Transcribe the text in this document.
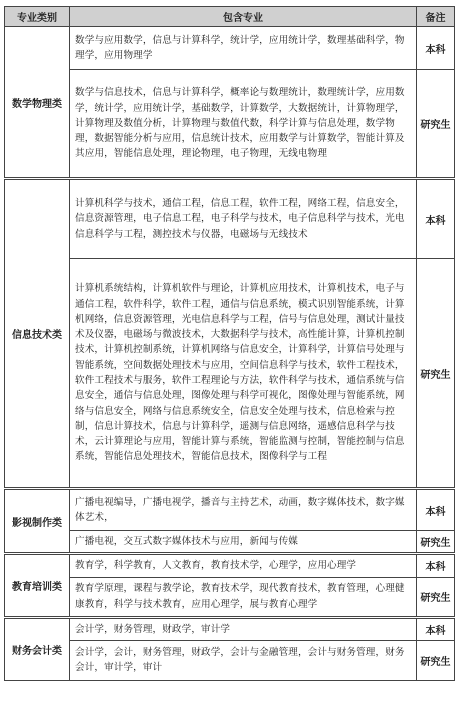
专业类别	包含专业	备注
数学物理类	数学与应用数学，信息与计算科学，统计学，应用统计学，数理基础科学，物理学，应用物理学	本科
	数学与信息技术，信息与计算科学，概率论与数理统计，数理统计学，应用数学，统计学，应用统计学，基础数学，计算数学，大数据统计，计算物理学，计算物理及数值分析，计算物理与数值代数，科学计算与信息处理，数学物理，数据智能分析与应用，信息统计技术，应用数学与计算数学，智能计算及其应用，智能信息处理，理论物理，电子物理，无线电物理	研究生
信息技术类	计算机科学与技术，通信工程，信息工程，软件工程，网络工程，信息安全，信息资源管理，电子信息工程，电子科学与技术，电子信息科学与技术，光电信息科学与工程，测控技术与仪器，电磁场与无线技术	本科
	计算机系统结构，计算机软件与理论，计算机应用技术，计算机技术，电子与通信工程，软件科学，软件工程，通信与信息系统，模式识别智能系统，计算机网络，信息资源管理，光电信息科学与工程，信号与信息处理，测试计量技术及仪器，电磁场与微波技术，大数据科学与技术，高性能计算，计算机控制技术，计算机控制系统，计算机网络与信息安全，计算科学，计算信号处理与智能系统，空间数据处理技术与应用，空间信息科学与技术，软件工程技术，软件工程技术与服务，软件工程理论与方法，软件科学与技术，通信系统与信息安全，通信与信息处理，图像处理与科学可视化，图像处理与智能系统，网络与信息安全，网络与信息系统安全，信息安全处理与技术，信息检索与控制，信息计算技术，信息与计算科学，遥测与信息网络，遥感信息科学与技术，云计算理论与应用，智能计算与系统，智能监测与控制，智能控制与信息系统，智能信息处理技术，智能信息技术，图像科学与工程	研究生
影视制作类	广播电视编导，广播电视学，播音与主持艺术，动画，数字媒体技术，数字媒体艺术，	本科
	广播电视，交互式数字媒体技术与应用，新闻与传媒	研究生
教育培训类	教育学，科学教育，人文教育，教育技术学，心理学，应用心理学	本科
	教育学原理，课程与教学论，教育技术学，现代教育技术，教育管理，心理健康教育，科学与技术教育，应用心理学，展与教育心理学	研究生
财务会计类	会计学，财务管理，财政学，审计学	本科
	会计学，会计，财务管理，财政学，会计与金融管理，会计与财务管理，财务会计，审计学，审计	研究生
